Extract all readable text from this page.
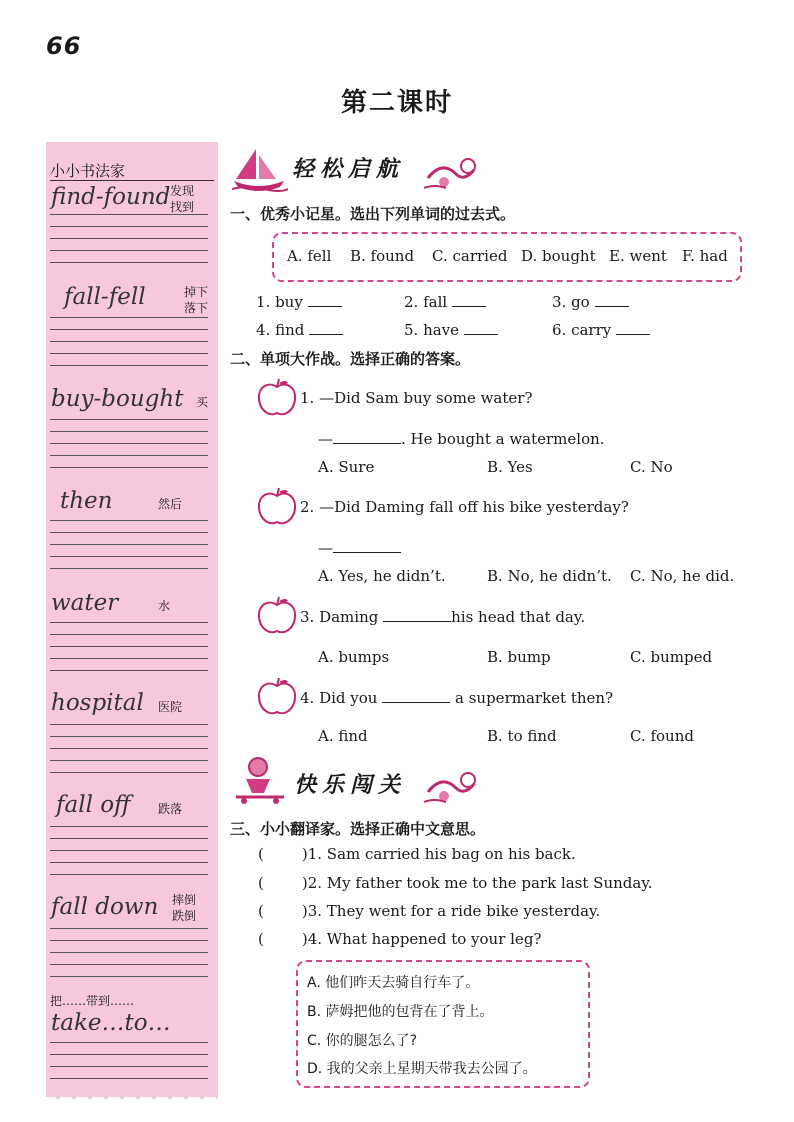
66
第二课时
小小书法家
find-found 发现
找到
fall-fell	掉下
落下
buy-bought 买
then	然后
water	水
hospital 医院
fall off 跌落
fall down 摔倒
跌倒
把……带到……
take…to…
轻松启航
一、优秀小记星。选出下列单词的过去式。
A. fell B. found C. carried D. bought E. went F. had
1. buy	2. fall	3. go
4. find	5. have	6. carry
二、单项大作战。选择正确的答案。
1. —Did Sam buy some water?
—	. He bought a watermelon.
A. Sure	B. Yes	C. No
2. —Did Daming fall off his bike yesterday?
—
A. Yes, he didn’t.	B. No, he didn’t. C. No, he did.
3. Daming	his head that day.
A. bumps	B. bump	C. bumped
4. Did you	a supermarket then?
A. find	B. to find	C. found
快乐闯关
三、小小翻译家。选择正确中文意思。
(	)1. Sam carried his bag on his back.
(	)2. My father took me to the park last Sunday.
(	)3. They went for a ride bike yesterday.
(	)4. What happened to your leg?
A. 他们昨天去骑自行车了。
B. 萨姆把他的包背在了背上。
C. 你的腿怎么了?
D. 我的父亲上星期天带我去公园了。
